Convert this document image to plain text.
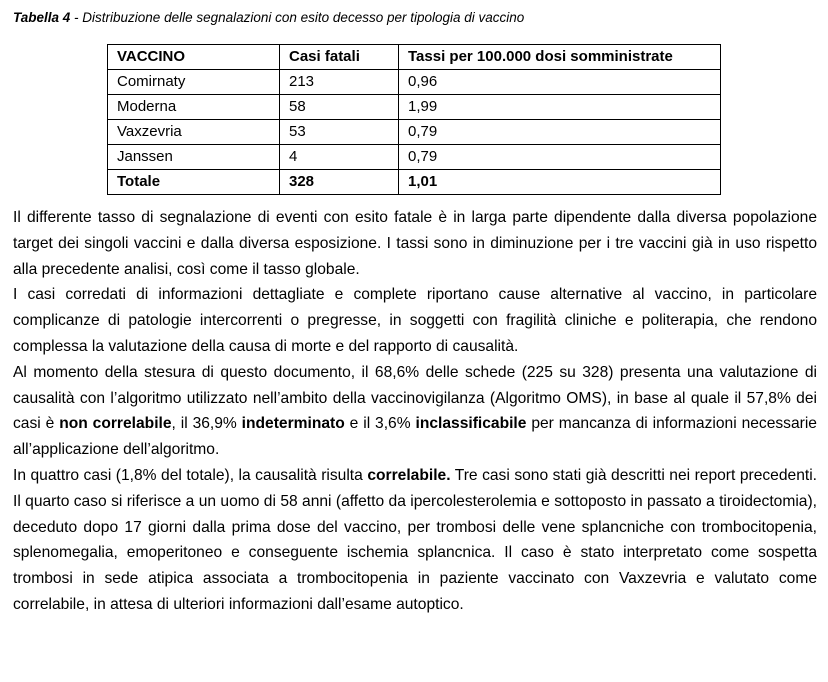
Tabella 4 - Distribuzione delle segnalazioni con esito decesso per tipologia di vaccino
VACCINO	Casi fatali	Tassi per 100.000 dosi somministrate
Comirnaty	213	0,96
Moderna	58	1,99
Vaxzevria	53	0,79
Janssen	4	0,79
Totale	328	1,01

Il differente tasso di segnalazione di eventi con esito fatale è in larga parte dipendente dalla diversa popolazione target dei singoli vaccini e dalla diversa esposizione. I tassi sono in diminuzione per i tre vaccini già in uso rispetto alla precedente analisi, così come il tasso globale.

I casi corredati di informazioni dettagliate e complete riportano cause alternative al vaccino, in particolare complicanze di patologie intercorrenti o pregresse, in soggetti con fragilità cliniche e politerapia, che rendono complessa la valutazione della causa di morte e del rapporto di causalità.

Al momento della stesura di questo documento, il 68,6% delle schede (225 su 328) presenta una valutazione di causalità con l’algoritmo utilizzato nell’ambito della vaccinovigilanza (Algoritmo OMS), in base al quale il 57,8% dei casi è non correlabile, il 36,9% indeterminato e il 3,6% inclassificabile per mancanza di informazioni necessarie all’applicazione dell’algoritmo.

In quattro casi (1,8% del totale), la causalità risulta correlabile. Tre casi sono stati già descritti nei report precedenti. Il quarto caso si riferisce a un uomo di 58 anni (affetto da ipercolesterolemia e sottoposto in passato a tiroidectomia), deceduto dopo 17 giorni dalla prima dose del vaccino, per trombosi delle vene splancniche con trombocitopenia, splenomegalia, emoperitoneo e conseguente ischemia splancnica. Il caso è stato interpretato come sospetta trombosi in sede atipica associata a trombocitopenia in paziente vaccinato con Vaxzevria e valutato come correlabile, in attesa di ulteriori informazioni dall’esame autoptico.
